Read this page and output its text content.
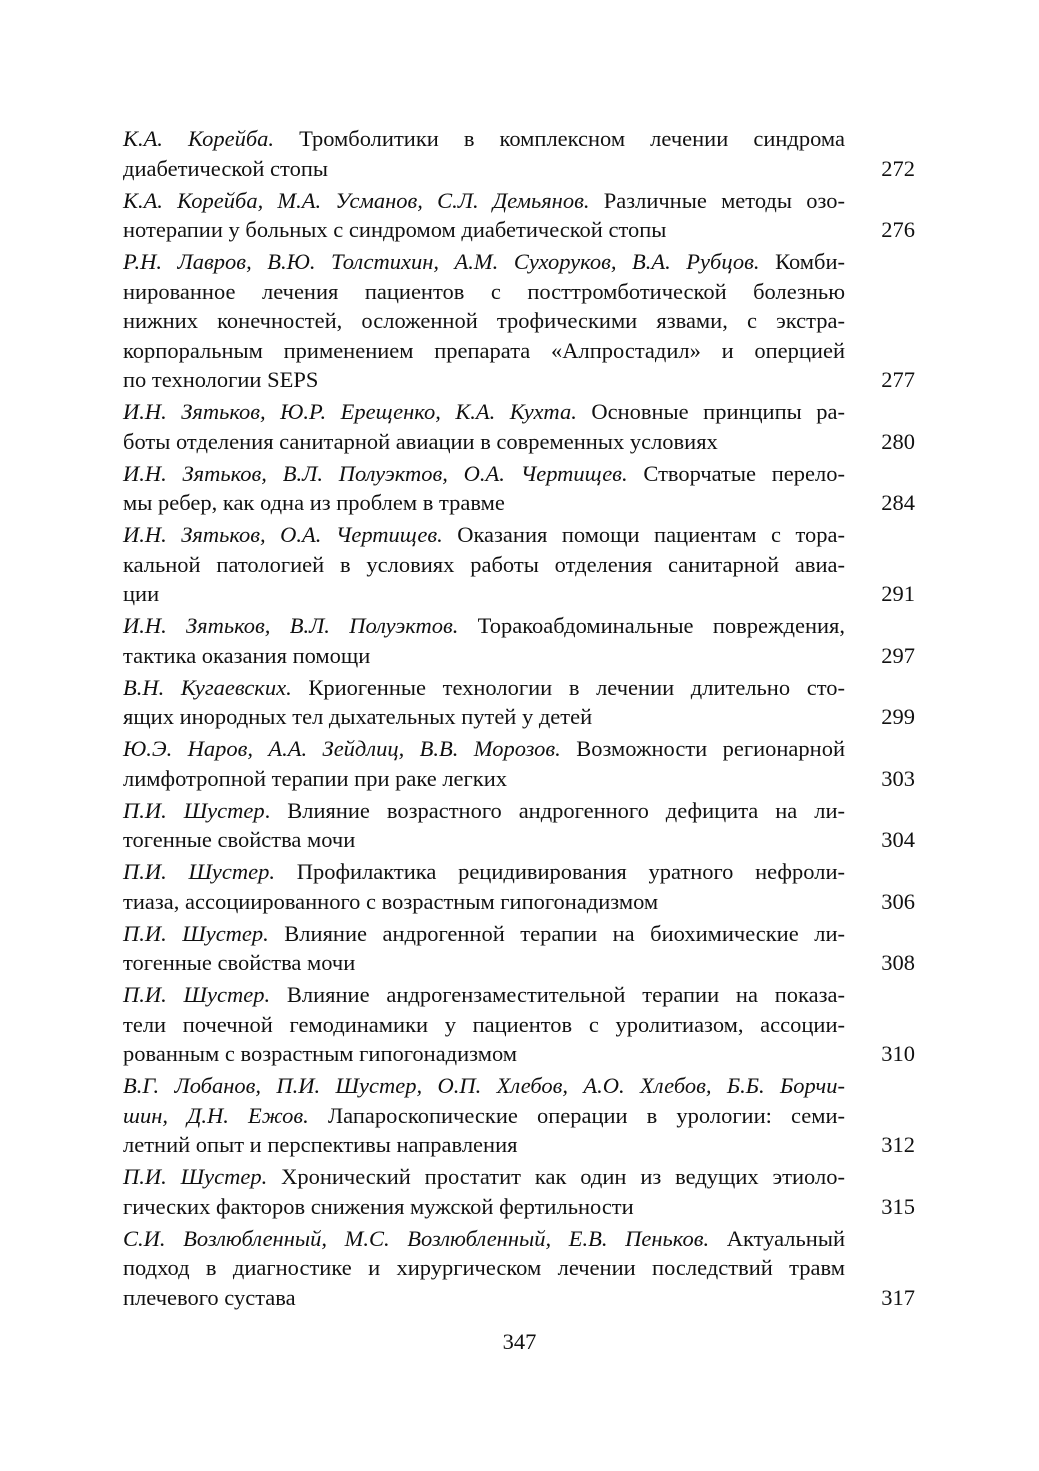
К.А. Корейба. Тромболитики в комплексном лечении синдрома
диабетической стопы	272
К.А. Корейба, М.А. Усманов, С.Л. Демьянов. Различные методы озо-
нотерапии у больных с синдромом диабетической стопы	276
Р.Н. Лавров, В.Ю. Толстихин, А.М. Сухоруков, В.А. Рубцов. Комби-
нированное лечения пациентов с посттромботической болезнью
нижних конечностей, осложенной трофическими язвами, с экстра-
корпоральным применением препарата «Алпростадил» и оперцией
по технологии SEPS	277
И.Н. Зятьков, Ю.Р. Ерещенко, К.А. Кухта. Основные принципы ра-
боты отделения санитарной авиации в современных условиях	280
И.Н. Зятьков, В.Л. Полуэктов, О.А. Чертищев. Створчатые перело-
мы ребер, как одна из проблем в травме	284
И.Н. Зятьков, О.А. Чертищев. Оказания помощи пациентам с тора-
кальной патологией в условиях работы отделения санитарной авиа-
ции	291
И.Н. Зятьков, В.Л. Полуэктов. Торакоабдоминальные повреждения,
тактика оказания помощи	297
В.Н. Кугаевских. Криогенные технологии в лечении длительно сто-
ящих инородных тел дыхательных путей у детей	299
Ю.Э. Наров, А.А. Зейдлиц, В.В. Морозов. Возможности регионарной
лимфотропной терапии при раке легких	303
П.И. Шустер. Влияние возрастного андрогенного дефицита на ли-
тогенные свойства мочи	304
П.И. Шустер. Профилактика рецидивирования уратного нефроли-
тиаза, ассоциированного с возрастным гипогонадизмом	306
П.И. Шустер. Влияние андрогенной терапии на биохимические ли-
тогенные свойства мочи	308
П.И. Шустер. Влияние андрогензаместительной терапии на показа-
тели почечной гемодинамики у пациентов с уролитиазом, ассоции-
рованным с возрастным гипогонадизмом	310
В.Г. Лобанов, П.И. Шустер, О.П. Хлебов, А.О. Хлебов, Б.Б. Борчи-
шин, Д.Н. Ежов. Лапароскопические операции в урологии: семи-
летний опыт и перспективы направления	312
П.И. Шустер. Хронический простатит как один из ведущих этиоло-
гических факторов снижения мужской фертильности	315
С.И. Возлюбленный, М.С. Возлюбленный, Е.В. Пеньков. Актуальный
подход в диагностике и хирургическом лечении последствий травм
плечевого сустава	317
347
